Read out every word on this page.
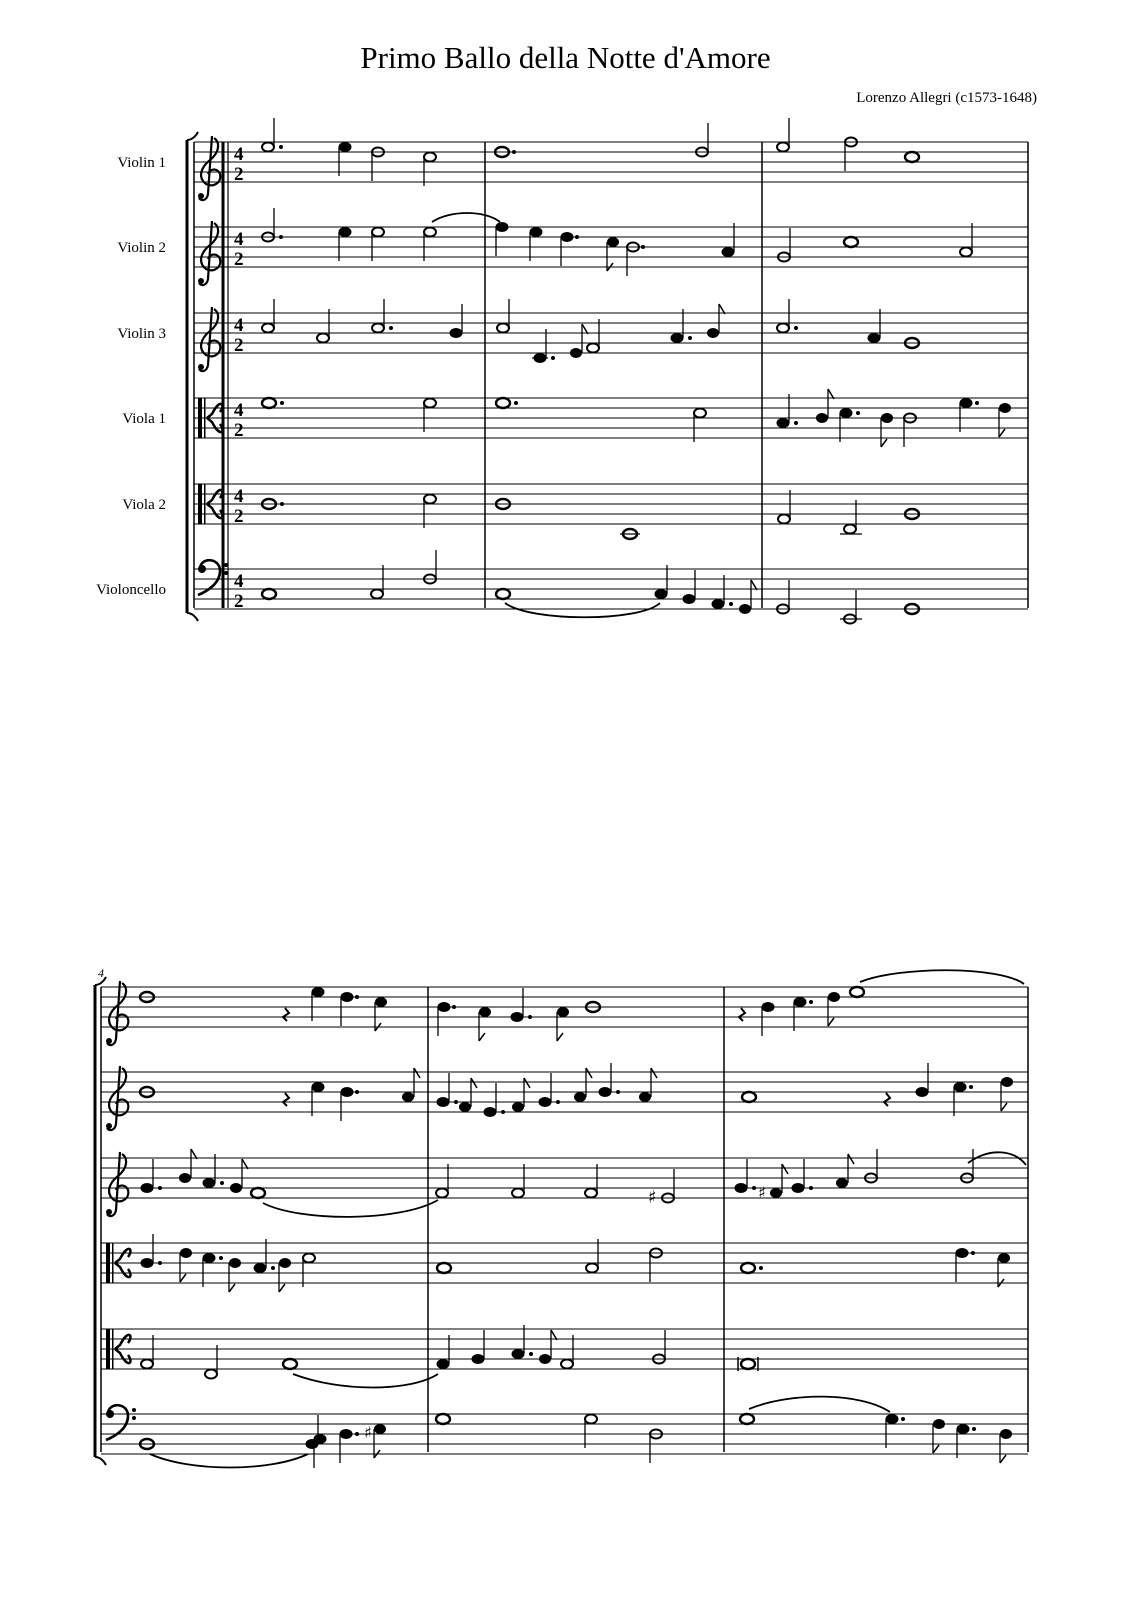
Primo Ballo della Notte d'Amore
Lorenzo Allegri (c1573-1648)
Violin 1
Violin 2
Violin 3
Viola 1
Viola 2
Violoncello
4
2
4
2
4
2
4
2
4
2
4
2
4
♯	♯
♯
